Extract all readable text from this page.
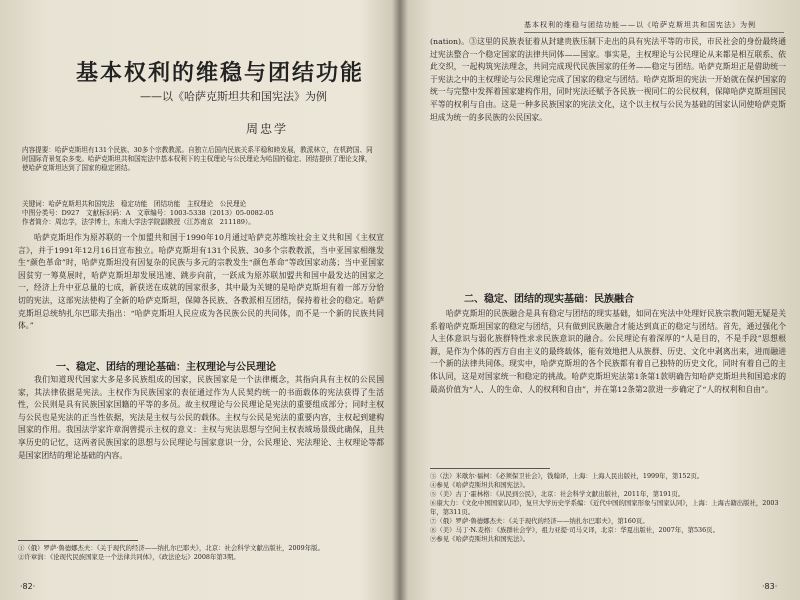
基本权利的维稳与团结功能
——以《哈萨克斯坦共和国宪法》为例
周忠学
内容提要：哈萨克斯坦有131个民族、30多个宗教教派。自独立后国内民族关系平稳和睦发展，教派林立，在机跨国、同时国际背景复杂多变。哈萨克斯坦共和国宪法中基本权利下的主权理论与公民理论为哈国的稳定、团结提供了理论支撑，使哈萨克斯坦达到了国家的稳定团结。
关键词：哈萨克斯坦共和国宪法　稳定功能　团结功能　主权理论　公民理论
中图分类号：D927　文献标识码：A　文章编号：1003-5338（2013）05-0082-05
作者简介：周忠学，法学博士，东南大学法学院副教授（江苏南京　211189）。
哈萨克斯坦作为原苏联的一个加盟共和国于1990年10月通过哈萨克苏维埃社会主义共和国《主权宣言》，并于1991年12月16日宣布独立。哈萨克斯坦有131个民族、30多个宗教教派，当中亚国家相继发生“颜色革命”时，哈萨克斯坦没有因复杂的民族与多元的宗教发生“颜色革命”等政国家动荡；当中亚国家因贫穷一筹莫展时，哈萨克斯坦却发展迅速、跳步向前，一跃成为原苏联加盟共和国中最发达的国家之一，经济上升中亚总量的七成，新获送在成就的国家很多，其中最为关键的是哈萨克斯坦有着一部万分恰切的宪法，这部宪法使构了全新的哈萨克斯坦，保障各民族、各教派相互团结，保持着社会的稳定。哈萨克斯坦总统纳扎尔巴耶夫指出：“哈萨克斯坦人民应成为各民族公民的共同体，而不是一个新的民族共同体。”
一、稳定、团结的理论基础：主权理论与公民理论
我们知道现代国家大多是多民族组成的国家，民族国家是一个法律概念，其指向具有主权的公民国家，其法律依据是宪法。主权作为民族国家的表征通过作为人民契约统一的书面载体的宪法获得了生活性，公民则是具有民族国家国籍的平等的多员。故主权理论与公民理论是宪法的重要组成部分；同时主权与公民也是宪法的正当性依据，宪法是主权与公民的载体。主权与公民是宪法的重要内容，主权起到建构国家的作用。我国法学家许章润曾提示主权的意义：主权与宪法思想与空间主权表域场景级此确保，且共享历史的记忆，这两者民族国家的思想与公民理论与国家意识一分，公民理论、宪法理论、主权理论等都是国家团结的理论基础的内容。
①（俄）罗萨·鲁德娜杰夫：《关于现代的经济——纳扎尔巴耶夫》，北京：社会科学文献出版社，2009年版。
②许章润：《论现代民族国家是一个法律共同体》，《政法论坛》2008年第3期。
·82·
基本权利的维稳与团结功能——以《哈萨克斯坦共和国宪法》为例
(nation)。③这里的民族表征着从封建贵族压制下走出的具有宪法平等的市民，市民社会的身份最终通过宪法整合一个稳定国家的法律共同体——国家。事实是，主权理论与公民理论从来都是相互联系、依此交织，一起构筑宪法理念，共同完成现代民族国家的任务——稳定与团结。哈萨克斯坦正是借助统一于宪法之中的主权理论与公民理论完成了国家的稳定与团结。哈萨克斯坦的宪法一开始就在保护国家的统一与完整中发挥着国家建构作用，同时宪法还赋予各民族一视同仁的公民权利，保障哈萨克斯坦国民平等的权利与自由。这是一种多民族国家的宪法文化，这个以主权与公民为基础的国家认同使哈萨克斯坦成为统一的多民族的公民国家。
二、稳定、团结的现实基础：民族融合
哈萨克斯坦的民族融合是具有稳定与团结的现实基础，如同在宪法中处理好民族宗教问题无疑是关系着哈萨克斯坦国家的稳定与团结，只有做到民族融合才能达到真正的稳定与团结。首先，通过强化个人主体意识与弱化族群特性求求民族意识的融合。公民理论有着深厚的“人是目的，不是手段”思想根源，是作为个体的西方自由主义的最终载体，能有效地把人从族群、历史、文化中剥离出来，进而融进一个新的法律共同体。现实中，哈萨克斯坦的各个民族都有着自己独特的历史文化，同时有着自己的主体认同，这是对国家统一和稳定的挑战。哈萨克斯坦宪法第1条第1款明确告知哈萨克斯坦共和国追求的最高价值为“人、人的生命、人的权利和自由”，并在第12条第2款进一步确定了“人的权利和自由”。
③（法）米歇尔·福柯：《必须保卫社会》，钱翰译，上海：上海人民出版社，1999年，第152页。
④参见《哈萨克斯坦共和国宪法》。
⑤（美）古丁·霍林格：《从民到公民》，北京：社会科学文献出版社，2011年，第191页。
⑥康大力：《文化中国国家认同》，复旦大学历史学系编：《近代中国的国家形象与国家认同》，上海：上海古籍出版社，2003年，第311页。
⑦（俄）罗萨·鲁德娜杰夫：《关于现代的经济——纳扎尔巴耶夫》，第160页。
⑧（美）马丁·N.麦格：《族群社会学》，祖力亚提·司马义译，北京：华夏出版社，2007年，第536页。
⑨参见《哈萨克斯坦共和国宪法》。
·83·
